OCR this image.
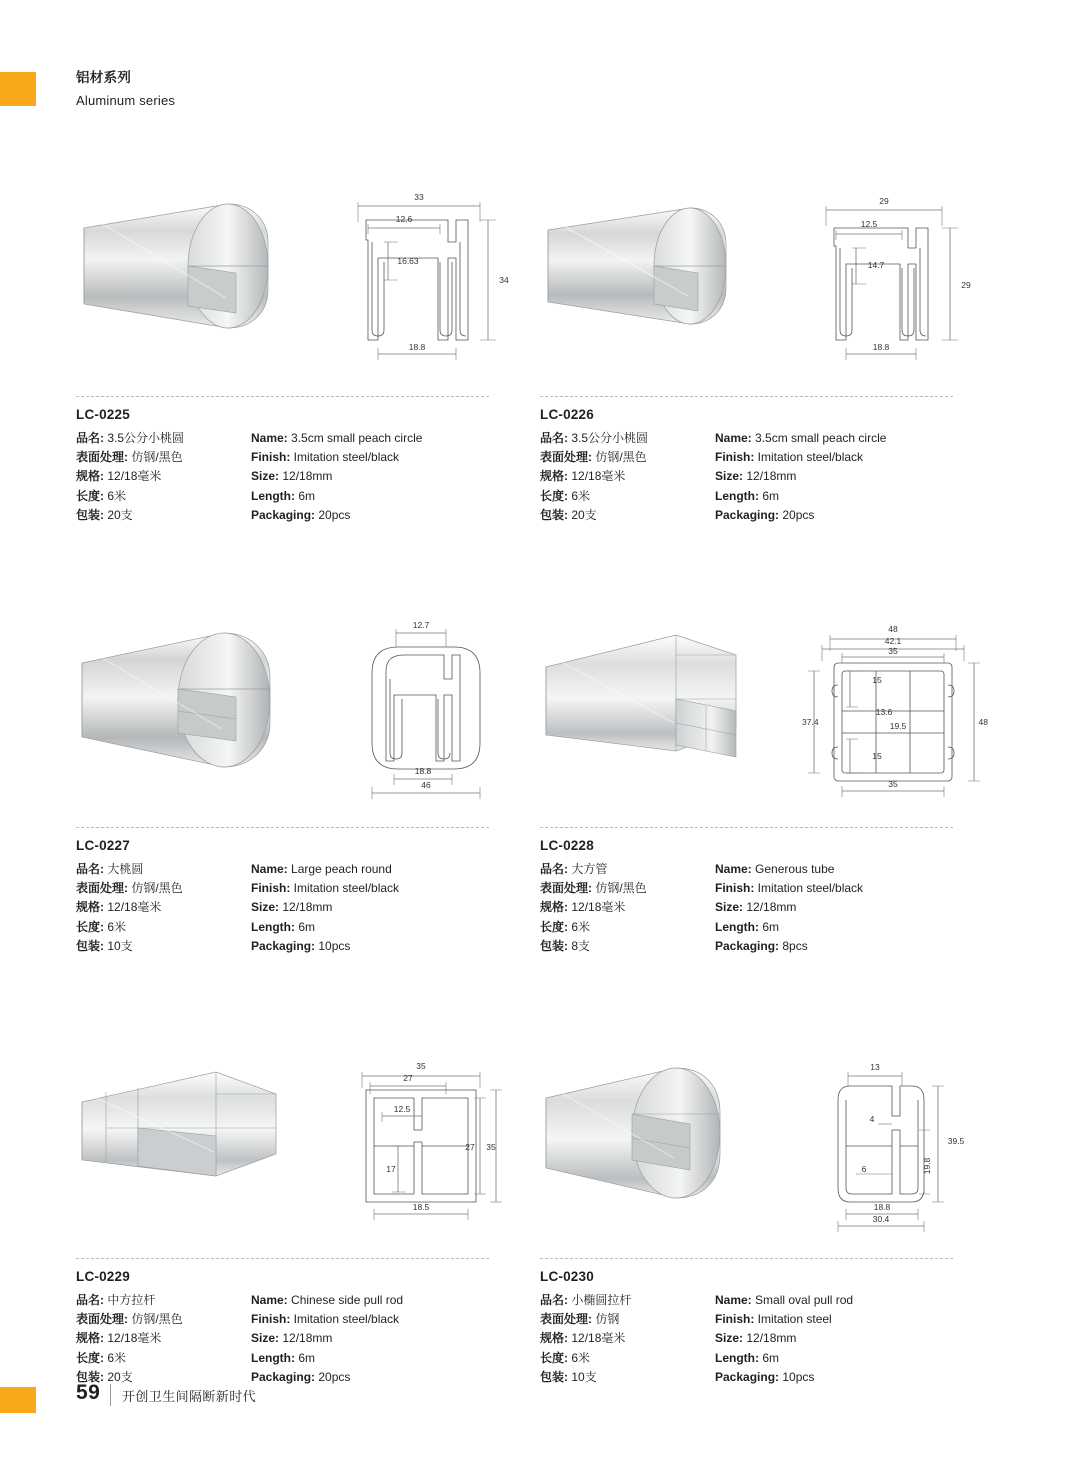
铝材系列
Aluminum series
33
12.6
16.63
34
18.8
LC-0225
品名: 3.5公分小桃圆
表面处理: 仿钢/黑色
规格: 12/18毫米
长度: 6米
包装: 20支
Name: 3.5cm small peach circle
Finish: Imitation steel/black
Size: 12/18mm
Length: 6m
Packaging: 20pcs
29
12.5
14.7
29
18.8
LC-0226
品名: 3.5公分小桃圆
表面处理: 仿钢/黑色
规格: 12/18毫米
长度: 6米
包装: 20支
Name: 3.5cm small peach circle
Finish: Imitation steel/black
Size: 12/18mm
Length: 6m
Packaging: 20pcs
12.7
18.8
46
LC-0227
品名: 大桃圆
表面处理: 仿钢/黑色
规格: 12/18毫米
长度: 6米
包装: 10支
Name: Large peach round
Finish: Imitation steel/black
Size: 12/18mm
Length: 6m
Packaging: 10pcs
48
42.1
35
15
13.6
19.5
15
35
37.4	48
LC-0228
品名: 大方管
表面处理: 仿钢/黑色
规格: 12/18毫米
长度: 6米
包装: 8支
Name: Generous tube
Finish: Imitation steel/black
Size: 12/18mm
Length: 6m
Packaging: 8pcs
35
27
12.5
27 35
17
18.5
LC-0229
品名: 中方拉杆
表面处理: 仿钢/黑色
规格: 12/18毫米
长度: 6米
包装: 20支
Name: Chinese side pull rod
Finish: Imitation steel/black
Size: 12/18mm
Length: 6m
Packaging: 20pcs
13
4
6
39.5
19.8
18.8
30.4
LC-0230
品名: 小椭圆拉杆
表面处理: 仿钢
规格: 12/18毫米
长度: 6米
包装: 10支
Name: Small oval pull rod
Finish: Imitation steel
Size: 12/18mm
Length: 6m
Packaging: 10pcs
59 开创卫生间隔断新时代
